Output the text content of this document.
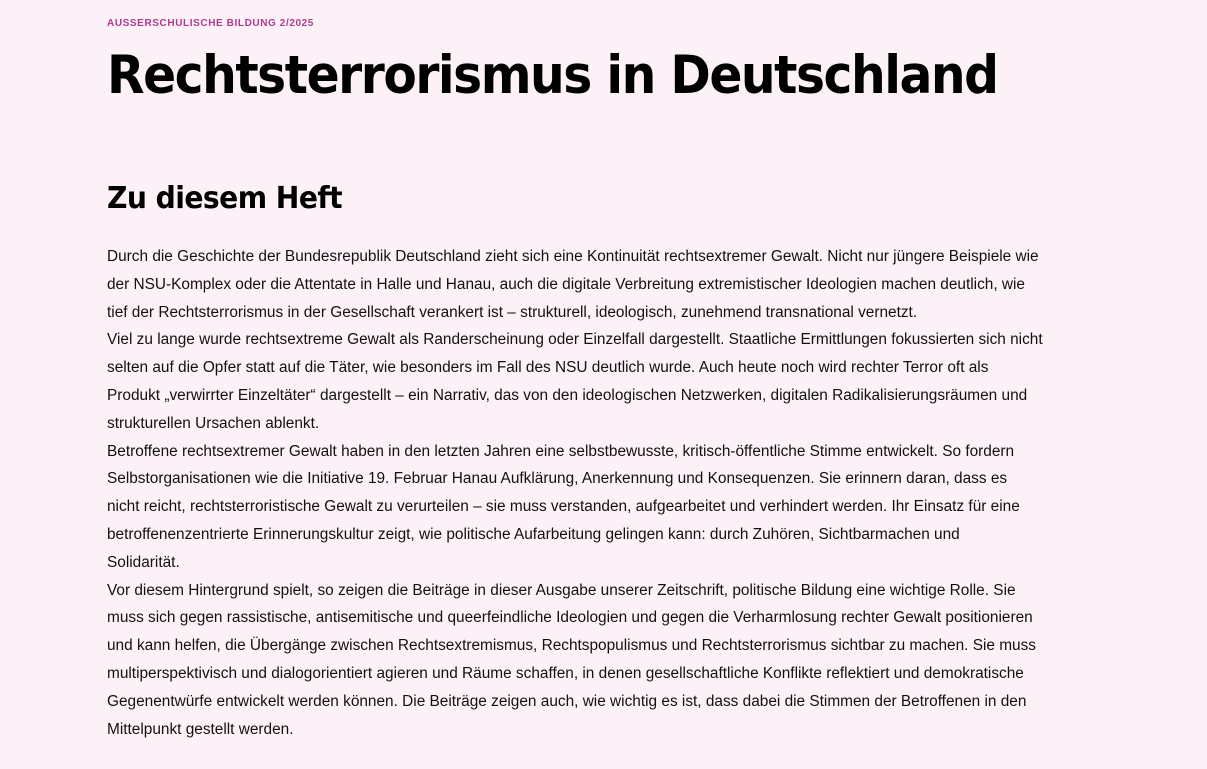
AUSSERSCHULISCHE BILDUNG 2/2025

Rechtsterrorismus in Deutschland
Zu diesem Heft
Durch die Geschichte der Bundesrepublik Deutschland zieht sich eine Kontinuität rechtsextremer Gewalt. Nicht nur jüngere Beispiele wie
der NSU-Komplex oder die Attentate in Halle und Hanau, auch die digitale Verbreitung extremistischer Ideologien machen deutlich, wie
tief der Rechtsterrorismus in der Gesellschaft verankert ist – strukturell, ideologisch, zunehmend transnational vernetzt.
Viel zu lange wurde rechtsextreme Gewalt als Randerscheinung oder Einzelfall dargestellt. Staatliche Ermittlungen fokussierten sich nicht
selten auf die Opfer statt auf die Täter, wie besonders im Fall des NSU deutlich wurde. Auch heute noch wird rechter Terror oft als
Produkt „verwirrter Einzeltäter“ dargestellt – ein Narrativ, das von den ideologischen Netzwerken, digitalen Radikalisierungsräumen und
strukturellen Ursachen ablenkt.
Betroffene rechtsextremer Gewalt haben in den letzten Jahren eine selbstbewusste, kritisch-öffentliche Stimme entwickelt. So fordern
Selbstorganisationen wie die Initiative 19. Februar Hanau Aufklärung, Anerkennung und Konsequenzen. Sie erinnern daran, dass es
nicht reicht, rechtsterroristische Gewalt zu verurteilen – sie muss verstanden, aufgearbeitet und verhindert werden. Ihr Einsatz für eine
betroffenenzentrierte Erinnerungskultur zeigt, wie politische Aufarbeitung gelingen kann: durch Zuhören, Sichtbarmachen und
Solidarität.
Vor diesem Hintergrund spielt, so zeigen die Beiträge in dieser Ausgabe unserer Zeitschrift, politische Bildung eine wichtige Rolle. Sie
muss sich gegen rassistische, antisemitische und queerfeindliche Ideologien und gegen die Verharmlosung rechter Gewalt positionieren
und kann helfen, die Übergänge zwischen Rechtsextremismus, Rechtspopulismus und Rechtsterrorismus sichtbar zu machen. Sie muss
multiperspektivisch und dialogorientiert agieren und Räume schaffen, in denen gesellschaftliche Konflikte reflektiert und demokratische
Gegenentwürfe entwickelt werden können. Die Beiträge zeigen auch, wie wichtig es ist, dass dabei die Stimmen der Betroffenen in den
Mittelpunkt gestellt werden.
